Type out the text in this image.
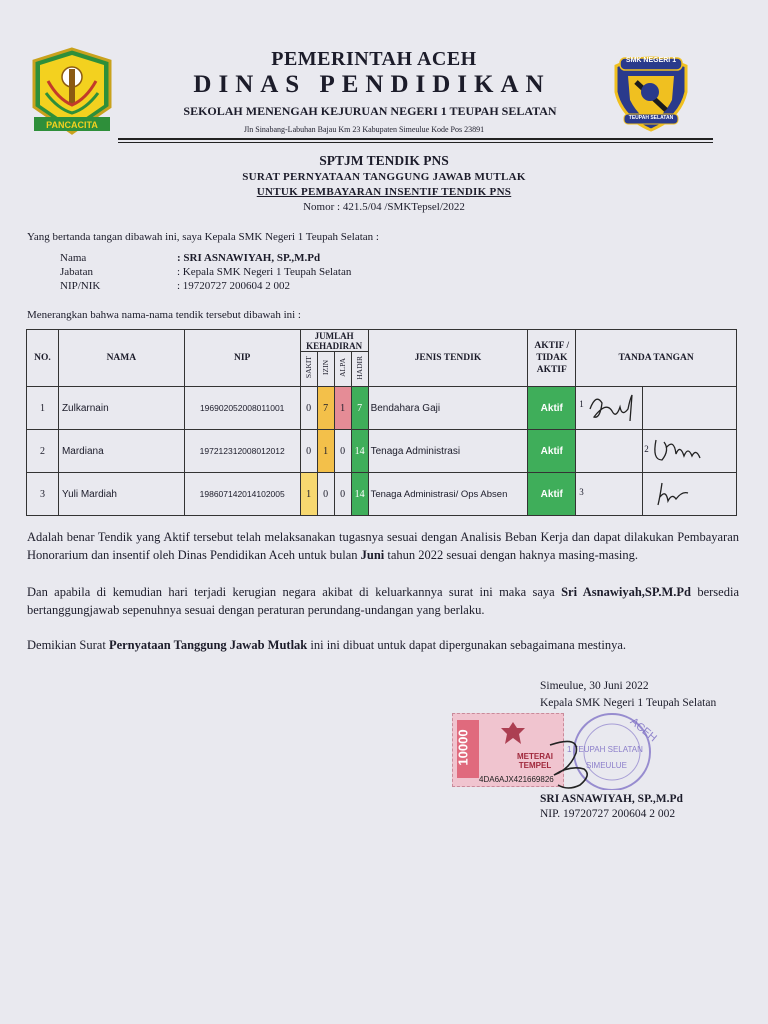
PANCACITA
SMK NEGERI 1
TEUPAH SELATAN
PEMERINTAH ACEH
DINAS PENDIDIKAN
SEKOLAH MENENGAH KEJURUAN NEGERI 1 TEUPAH SELATAN
Jln Sinabang-Labuhan Bajau Km 23 Kabupaten Simeulue Kode Pos 23891
SPTJM TENDIK PNS
SURAT PERNYATAAN TANGGUNG JAWAB MUTLAK
UNTUK PEMBAYARAN INSENTIF TENDIK PNS
Nomor : 421.5/04 /SMKTepsel/2022
Yang bertanda tangan dibawah ini, saya Kepala SMK Negeri 1 Teupah Selatan :
Nama	: SRI ASNAWIYAH, SP.,M.Pd
Jabatan	: Kepala SMK Negeri 1 Teupah Selatan
NIP/NIK	: 19720727 200604 2 002
Menerangkan bahwa nama-nama tendik tersebut dibawah ini :
NO.	NAMA	NIP	JUMLAH KEHADIRAN				JENIS TENDIK	AKTIF / TIDAK AKTIF	TANDA TANGAN
			SAKIT	IZIN	ALPA	HADIR			
1	Zulkarnain	196902052008011001	0	7	1	7	Bendahara Gaji	Aktif	1

2	Mardiana	197212312008012012	0	1	0	14	Tenaga Administrasi	Aktif	2

3	Yuli Mardiah	198607142014102005	1	0	0	14	Tenaga Administrasi/ Ops Absen	Aktif	3
Adalah benar Tendik yang Aktif tersebut telah melaksanakan tugasnya sesuai dengan Analisis Beban Kerja dan dapat dilakukan Pembayaran Honorarium dan insentif oleh Dinas Pendidikan Aceh untuk bulan Juni tahun 2022 sesuai dengan haknya masing-masing.
Dan apabila di kemudian hari terjadi kerugian negara akibat di keluarkannya surat ini maka saya Sri Asnawiyah,SP.M.Pd bersedia bertanggungjawab sepenuhnya sesuai dengan peraturan perundang-undangan yang berlaku.
Demikian Surat Pernyataan Tanggung Jawab Mutlak ini ini dibuat untuk dapat dipergunakan sebagaimana mestinya.
Simeulue, 30 Juni 2022
Kepala SMK Negeri 1 Teupah Selatan
ACEH
1 TEUPAH SELATAN
SIMEULUE
10000	METERAI TEMPEL
4DA6AJX421669826
SRI ASNAWIYAH, SP.,M.Pd
NIP. 19720727 200604 2 002
